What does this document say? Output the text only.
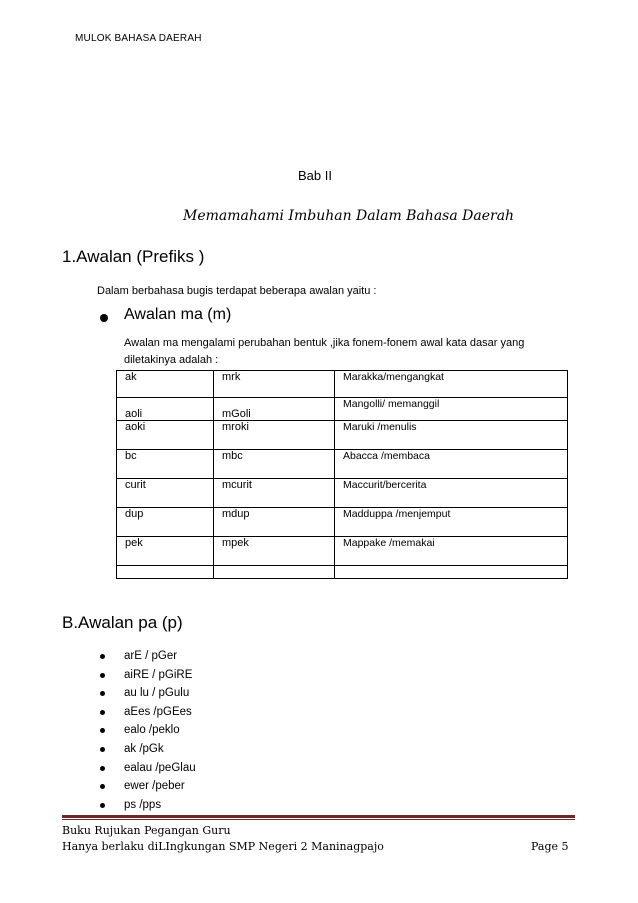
MULOK BAHASA DAERAH
Bab II
Memamahami Imbuhan Dalam Bahasa Daerah
1.Awalan (Prefiks )
Dalam berbahasa bugis terdapat beberapa awalan yaitu :
Awalan ma (m)
Awalan ma mengalami perubahan bentuk ,jika fonem-fonem awal kata dasar yang
diletakinya adalah :
ak	mrk	Marakka/mengangkat
aoli	mGoli	Mangolli/ memanggil
aoki	mroki	Maruki /menulis
bc	mbc	Abacca /membaca
curit	mcurit	Maccurit/bercerita
dup	mdup	Madduppa /menjemput
pek	mpek	Mappake /memakai

B.Awalan pa (p)
arE / pGer
aiRE / pGiRE
au lu / pGulu
aEes /pGEes
ealo /peklo
ak /pGk
ealau /peGlau
ewer /peber
ps /pps
Buku Rujukan Pegangan Guru
Hanya berlaku diLIngkungan SMP Negeri 2 Maninagpajo	Page 5
